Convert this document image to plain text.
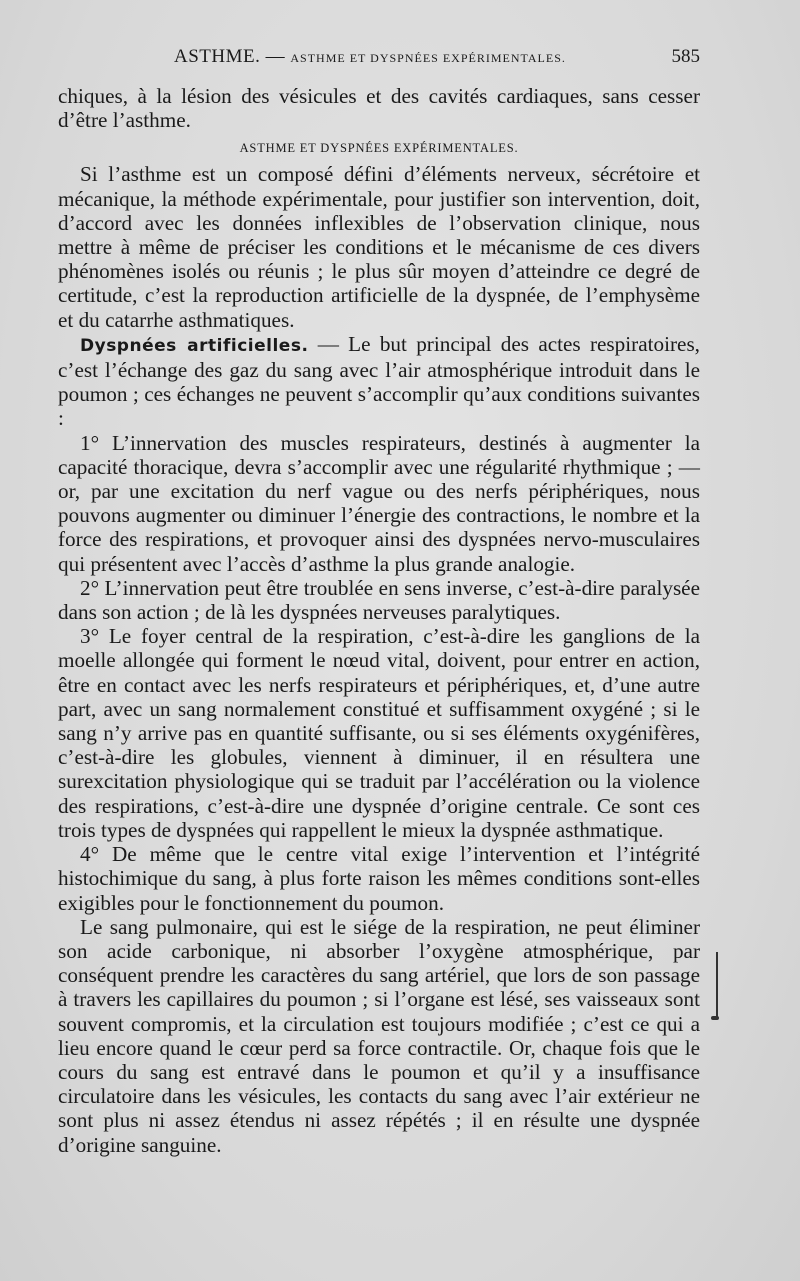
ASTHME. — ASTHME ET DYSPNÉES EXPÉRIMENTALES.	585

chiques, à la lésion des vésicules et des cavités cardiaques, sans cesser d’être l’asthme.

ASTHME ET DYSPNÉES EXPÉRIMENTALES.

Si l’asthme est un composé défini d’éléments nerveux, sécrétoire et mécanique, la méthode expérimentale, pour justifier son intervention, doit, d’accord avec les données inflexibles de l’observation clinique, nous mettre à même de préciser les conditions et le mécanisme de ces divers phénomènes isolés ou réunis ; le plus sûr moyen d’atteindre ce degré de certitude, c’est la reproduction artificielle de la dyspnée, de l’emphysème et du catarrhe asthmatiques.

Dyspnées artificielles. — Le but principal des actes respiratoires, c’est l’échange des gaz du sang avec l’air atmosphérique introduit dans le poumon ; ces échanges ne peuvent s’accomplir qu’aux conditions suivantes :

1° L’innervation des muscles respirateurs, destinés à augmenter la capacité thoracique, devra s’accomplir avec une régularité rhythmique ; — or, par une excitation du nerf vague ou des nerfs périphériques, nous pouvons augmenter ou diminuer l’énergie des contractions, le nombre et la force des respirations, et provoquer ainsi des dyspnées nervo-musculaires qui présentent avec l’accès d’asthme la plus grande analogie.

2° L’innervation peut être troublée en sens inverse, c’est-à-dire paralysée dans son action ; de là les dyspnées nerveuses paralytiques.

3° Le foyer central de la respiration, c’est-à-dire les ganglions de la moelle allongée qui forment le nœud vital, doivent, pour entrer en action, être en contact avec les nerfs respirateurs et périphériques, et, d’une autre part, avec un sang normalement constitué et suffisamment oxygéné ; si le sang n’y arrive pas en quantité suffisante, ou si ses éléments oxygénifères, c’est-à-dire les globules, viennent à diminuer, il en résultera une surexcitation physiologique qui se traduit par l’accélération ou la violence des respirations, c’est-à-dire une dyspnée d’origine centrale. Ce sont ces trois types de dyspnées qui rappellent le mieux la dyspnée asthmatique.

4° De même que le centre vital exige l’intervention et l’intégrité histochimique du sang, à plus forte raison les mêmes conditions sont-elles exigibles pour le fonctionnement du poumon.

Le sang pulmonaire, qui est le siége de la respiration, ne peut éliminer son acide carbonique, ni absorber l’oxygène atmosphérique, par conséquent prendre les caractères du sang artériel, que lors de son passage à travers les capillaires du poumon ; si l’organe est lésé, ses vaisseaux sont souvent compromis, et la circulation est toujours modifiée ; c’est ce qui a lieu encore quand le cœur perd sa force contractile. Or, chaque fois que le cours du sang est entravé dans le poumon et qu’il y a insuffisance circulatoire dans les vésicules, les contacts du sang avec l’air extérieur ne sont plus ni assez étendus ni assez répétés ; il en résulte une dyspnée d’origine sanguine.
